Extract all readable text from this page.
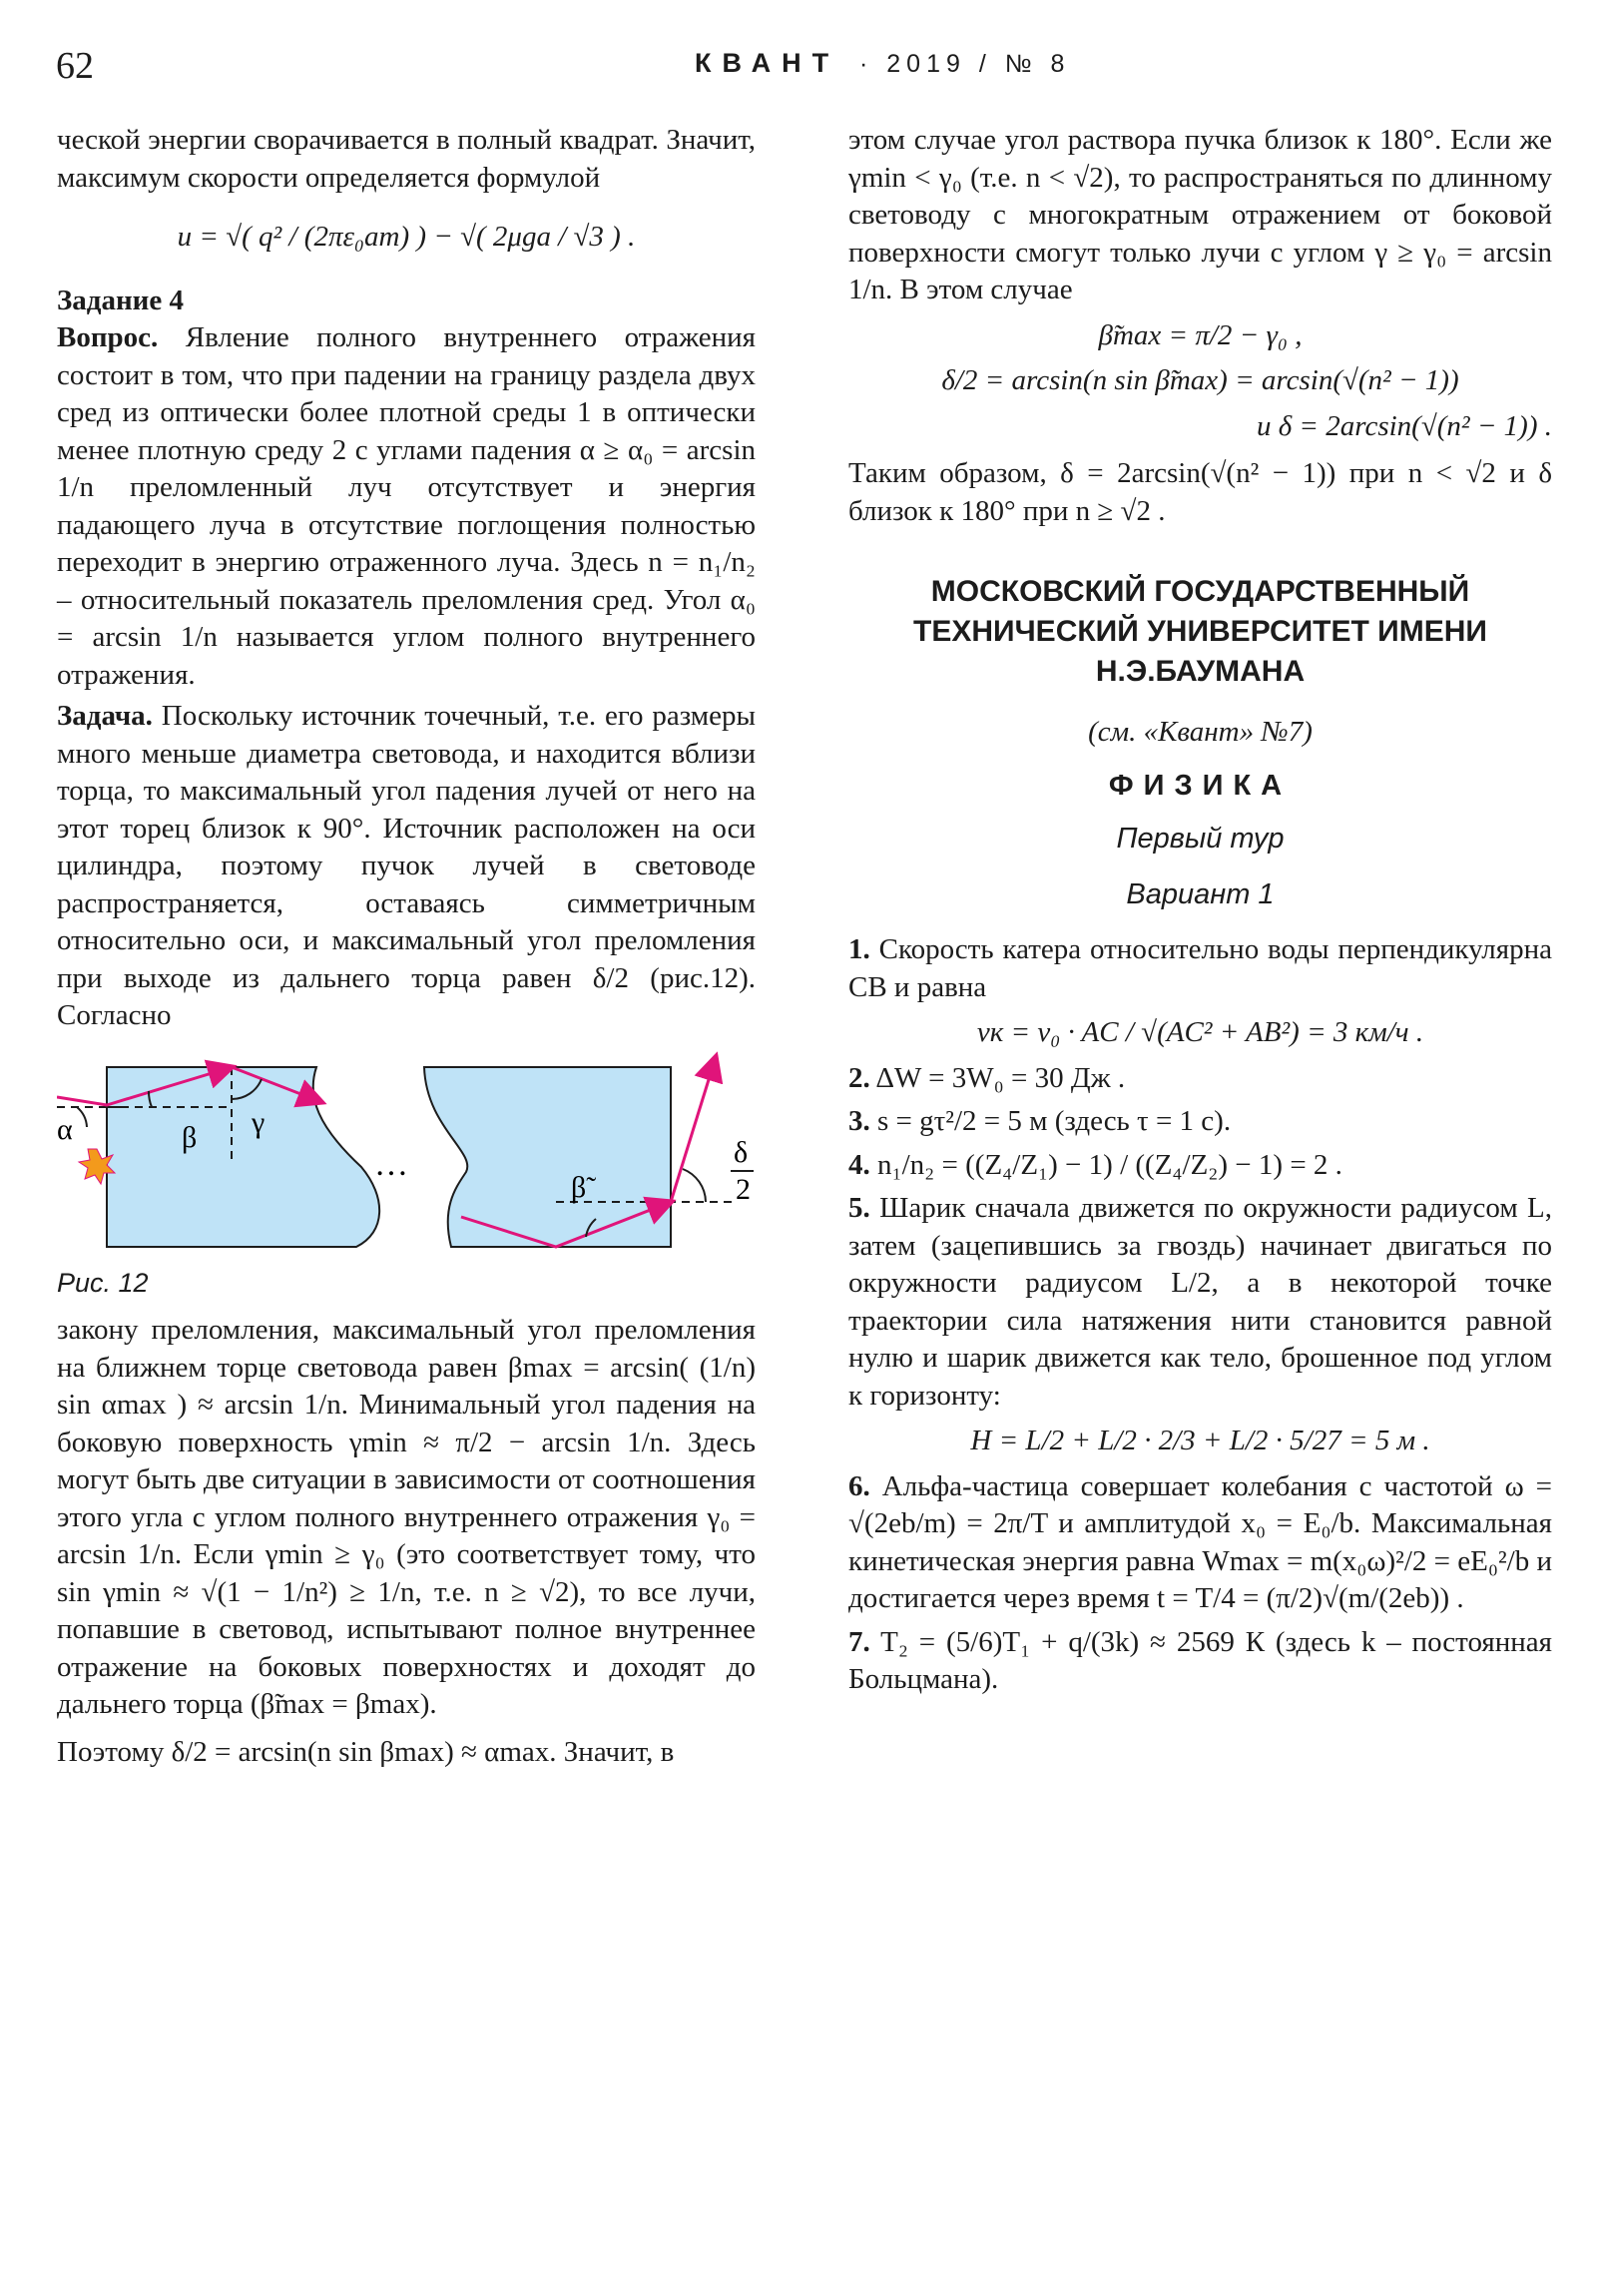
62	КВАНТ · 2019 / № 8

ческой энергии сворачивается в полный квадрат. Значит, максимум скорости определяется формулой

u = √( q² / (2πε₀am) ) − √( 2μga / √3 ) .

Задание 4

Вопрос. Явление полного внутреннего отражения состоит в том, что при падении на границу раздела двух сред из оптически более плотной среды 1 в оптически менее плотную среду 2 с углами падения α ≥ α₀ = arcsin 1/n преломленный луч отсутствует и энергия падающего луча в отсутствие поглощения полностью переходит в энергию отраженного луча. Здесь n = n₁/n₂ – относительный показатель преломления сред. Угол α₀ = arcsin 1/n называется углом полного внутреннего отражения.

Задача. Поскольку источник точечный, т.е. его размеры много меньше диаметра световода, и находится вблизи торца, то максимальный угол падения лучей от него на этот торец близок к 90°. Источник расположен на оси цилиндра, поэтому пучок лучей в световоде распространяется, оставаясь симметричным относительно оси, и максимальный угол преломления при выходе из дальнего торца равен δ/2 (рис.12). Согласно

α	β γ
…
β̃
δ
2
Рис. 12

закону преломления, максимальный угол преломления на ближнем торце световода равен βmax = arcsin( (1/n) sin αmax ) ≈ arcsin 1/n. Минимальный угол падения на боковую поверхность γmin ≈ π/2 − arcsin 1/n. Здесь могут быть две ситуации в зависимости от соотношения этого угла с углом полного внутреннего отражения γ₀ = arcsin 1/n. Если γmin ≥ γ₀ (это соответствует тому, что sin γmin ≈ √(1 − 1/n²) ≥ 1/n, т.е. n ≥ √2), то все лучи, попавшие в световод, испытывают полное внутреннее отражение на боковых поверхностях и доходят до дальнего торца (β̃max = βmax).

Поэтому δ/2 = arcsin(n sin βmax) ≈ αmax. Значит, в

этом случае угол раствора пучка близок к 180°. Если же γmin < γ₀ (т.е. n < √2), то распространяться по длинному световоду с многократным отражением от боковой поверхности смогут только лучи с углом γ ≥ γ₀ = arcsin 1/n. В этом случае

β̃max = π/2 − γ₀ ,

δ/2 = arcsin(n sin β̃max) = arcsin(√(n² − 1))

и δ = 2arcsin(√(n² − 1)) .

Таким образом, δ = 2arcsin(√(n² − 1)) при n < √2 и δ близок к 180° при n ≥ √2 .

МОСКОВСКИЙ ГОСУДАРСТВЕННЫЙ ТЕХНИЧЕСКИЙ УНИВЕРСИТЕТ ИМЕНИ Н.Э.БАУМАНА

(см. «Квант» №7)

ФИЗИКА

Первый тур

Вариант 1

1. Скорость катера относительно воды перпендикулярна CB и равна

vк = v₀ · AC / √(AC² + AB²) = 3 км/ч .

2. ΔW = 3W₀ = 30 Дж .

3. s = gτ²/2 = 5 м (здесь τ = 1 с).

4. n₁/n₂ = ((Z₄/Z₁) − 1) / ((Z₄/Z₂) − 1) = 2 .

5. Шарик сначала движется по окружности радиусом L, затем (зацепившись за гвоздь) начинает двигаться по окружности радиусом L/2, а в некоторой точке траектории сила натяжения нити становится равной нулю и шарик движется как тело, брошенное под углом к горизонту:

H = L/2 + L/2 · 2/3 + L/2 · 5/27 = 5 м .

6. Альфа-частица совершает колебания с частотой ω = √(2eb/m) = 2π/T и амплитудой x₀ = E₀/b. Максимальная кинетическая энергия равна Wmax = m(x₀ω)²/2 = eE₀²/b и достигается через время t = T/4 = (π/2)√(m/(2eb)) .

7. T₂ = (5/6)T₁ + q/(3k) ≈ 2569 К (здесь k – постоянная Больцмана).
